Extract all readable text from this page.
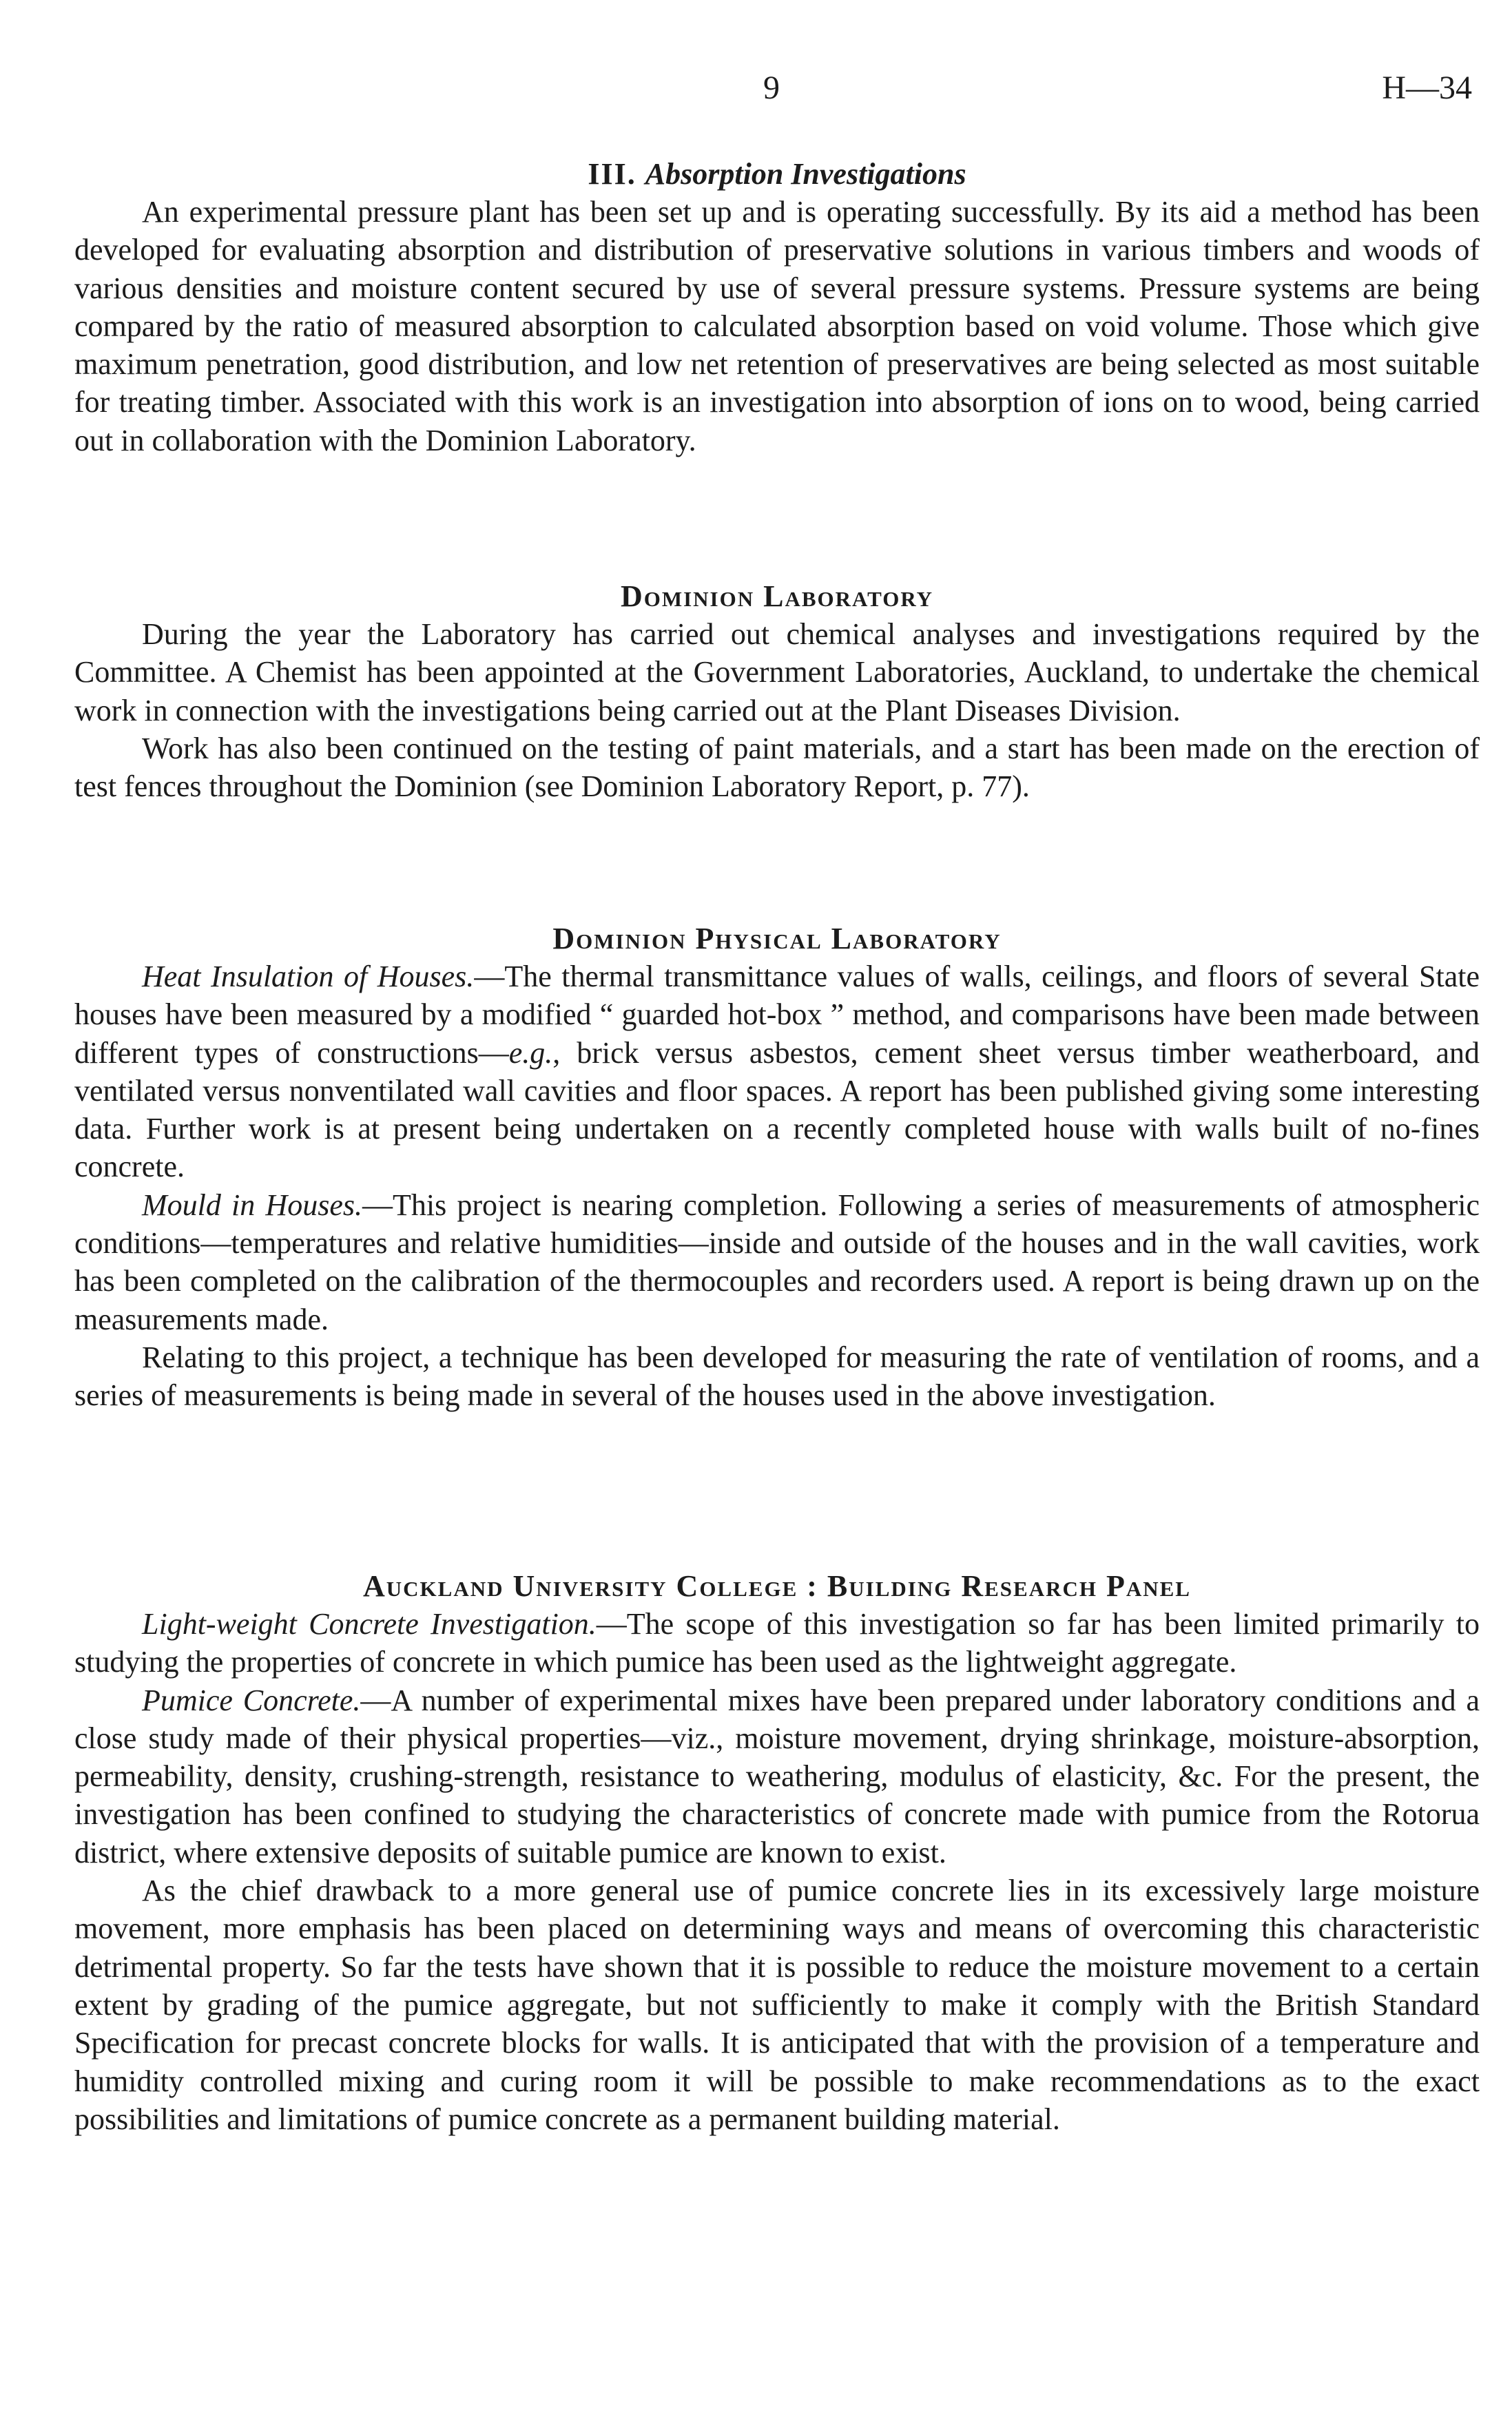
9	H—34
III. Absorption Investigations

An experimental pressure plant has been set up and is operating successfully. By its aid a method has been developed for evaluating absorption and distribution of preservative solutions in various timbers and woods of various densities and moisture content secured by use of several pressure systems. Pressure systems are being compared by the ratio of measured absorption to calculated absorption based on void volume. Those which give maximum penetration, good distribution, and low net retention of preservatives are being selected as most suitable for treating timber. Associated with this work is an investigation into absorption of ions on to wood, being carried out in collaboration with the Dominion Laboratory.

Dominion Laboratory

During the year the Laboratory has carried out chemical analyses and investigations required by the Committee. A Chemist has been appointed at the Government Laboratories, Auckland, to undertake the chemical work in connection with the investigations being carried out at the Plant Diseases Division.

Work has also been continued on the testing of paint materials, and a start has been made on the erection of test fences throughout the Dominion (see Dominion Laboratory Report, p. 77).

Dominion Physical Laboratory

Heat Insulation of Houses.—The thermal transmittance values of walls, ceilings, and floors of several State houses have been measured by a modified “ guarded hot-box ” method, and comparisons have been made between different types of constructions—e.g., brick versus asbestos, cement sheet versus timber weatherboard, and ventilated versus nonventilated wall cavities and floor spaces. A report has been published giving some interesting data. Further work is at present being undertaken on a recently completed house with walls built of no-fines concrete.

Mould in Houses.—This project is nearing completion. Following a series of measurements of atmospheric conditions—temperatures and relative humidities—inside and outside of the houses and in the wall cavities, work has been completed on the calibration of the thermocouples and recorders used. A report is being drawn up on the measurements made.

Relating to this project, a technique has been developed for measuring the rate of ventilation of rooms, and a series of measurements is being made in several of the houses used in the above investigation.

Auckland University College : Building Research Panel

Light-weight Concrete Investigation.—The scope of this investigation so far has been limited primarily to studying the properties of concrete in which pumice has been used as the lightweight aggregate.

Pumice Concrete.—A number of experimental mixes have been prepared under laboratory conditions and a close study made of their physical properties—viz., moisture movement, drying shrinkage, moisture-absorption, permeability, density, crushing-strength, resistance to weathering, modulus of elasticity, &c. For the present, the investigation has been confined to studying the characteristics of concrete made with pumice from the Rotorua district, where extensive deposits of suitable pumice are known to exist.

As the chief drawback to a more general use of pumice concrete lies in its excessively large moisture movement, more emphasis has been placed on determining ways and means of overcoming this characteristic detrimental property. So far the tests have shown that it is possible to reduce the moisture movement to a certain extent by grading of the pumice aggregate, but not sufficiently to make it comply with the British Standard Specification for precast concrete blocks for walls. It is anticipated that with the provision of a temperature and humidity controlled mixing and curing room it will be possible to make recommendations as to the exact possibilities and limitations of pumice concrete as a permanent building material.
